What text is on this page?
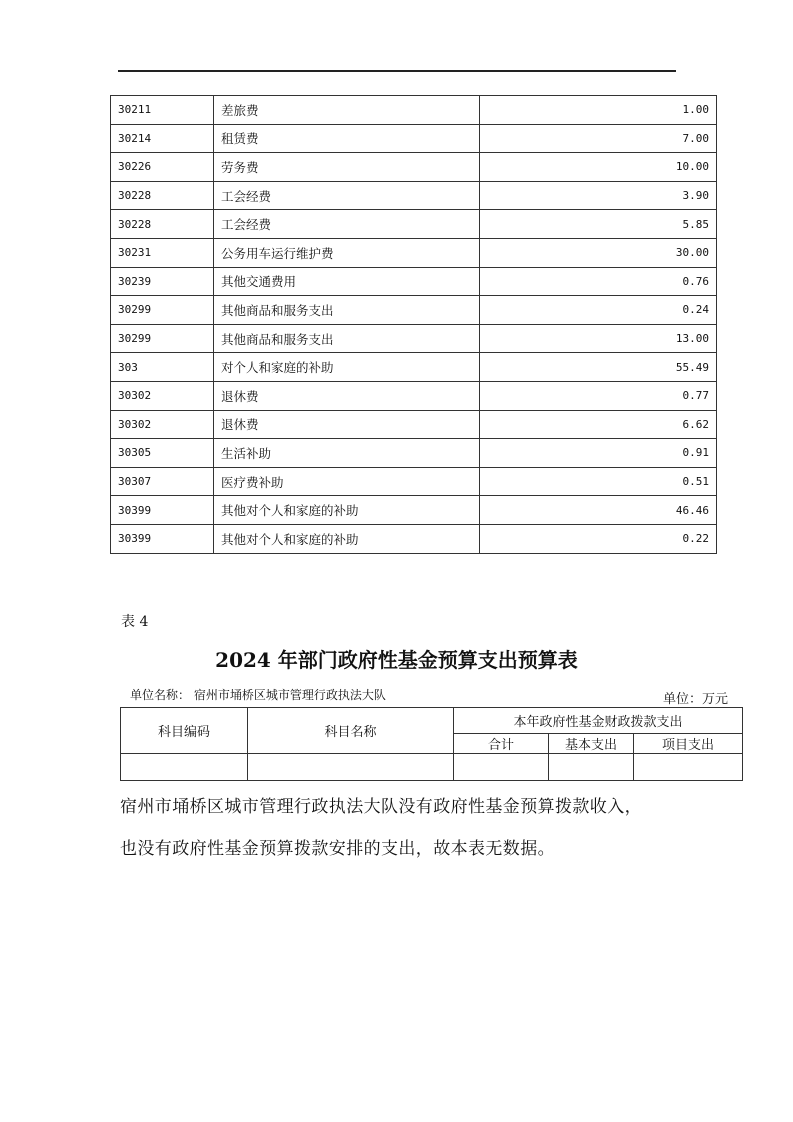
30211	差旅费	1.00
30214	租赁费	7.00
30226	劳务费	10.00
30228	工会经费	3.90
30228	工会经费	5.85
30231	公务用车运行维护费	30.00
30239	其他交通费用	0.76
30299	其他商品和服务支出	0.24
30299	其他商品和服务支出	13.00
303	对个人和家庭的补助	55.49
30302	退休费	0.77
30302	退休费	6.62
30305	生活补助	0.91
30307	医疗费补助	0.51
30399	其他对个人和家庭的补助	46.46
30399	其他对个人和家庭的补助	0.22
表 4
2024 年部门政府性基金预算支出预算表
单位名称： 宿州市埇桥区城市管理行政执法大队	单位：万元
科目编码	科目名称	本年政府性基金财政拨款支出		
		合计	基本支出	项目支出

宿州市埇桥区城市管理行政执法大队没有政府性基金预算拨款收入，
也没有政府性基金预算拨款安排的支出，故本表无数据。
